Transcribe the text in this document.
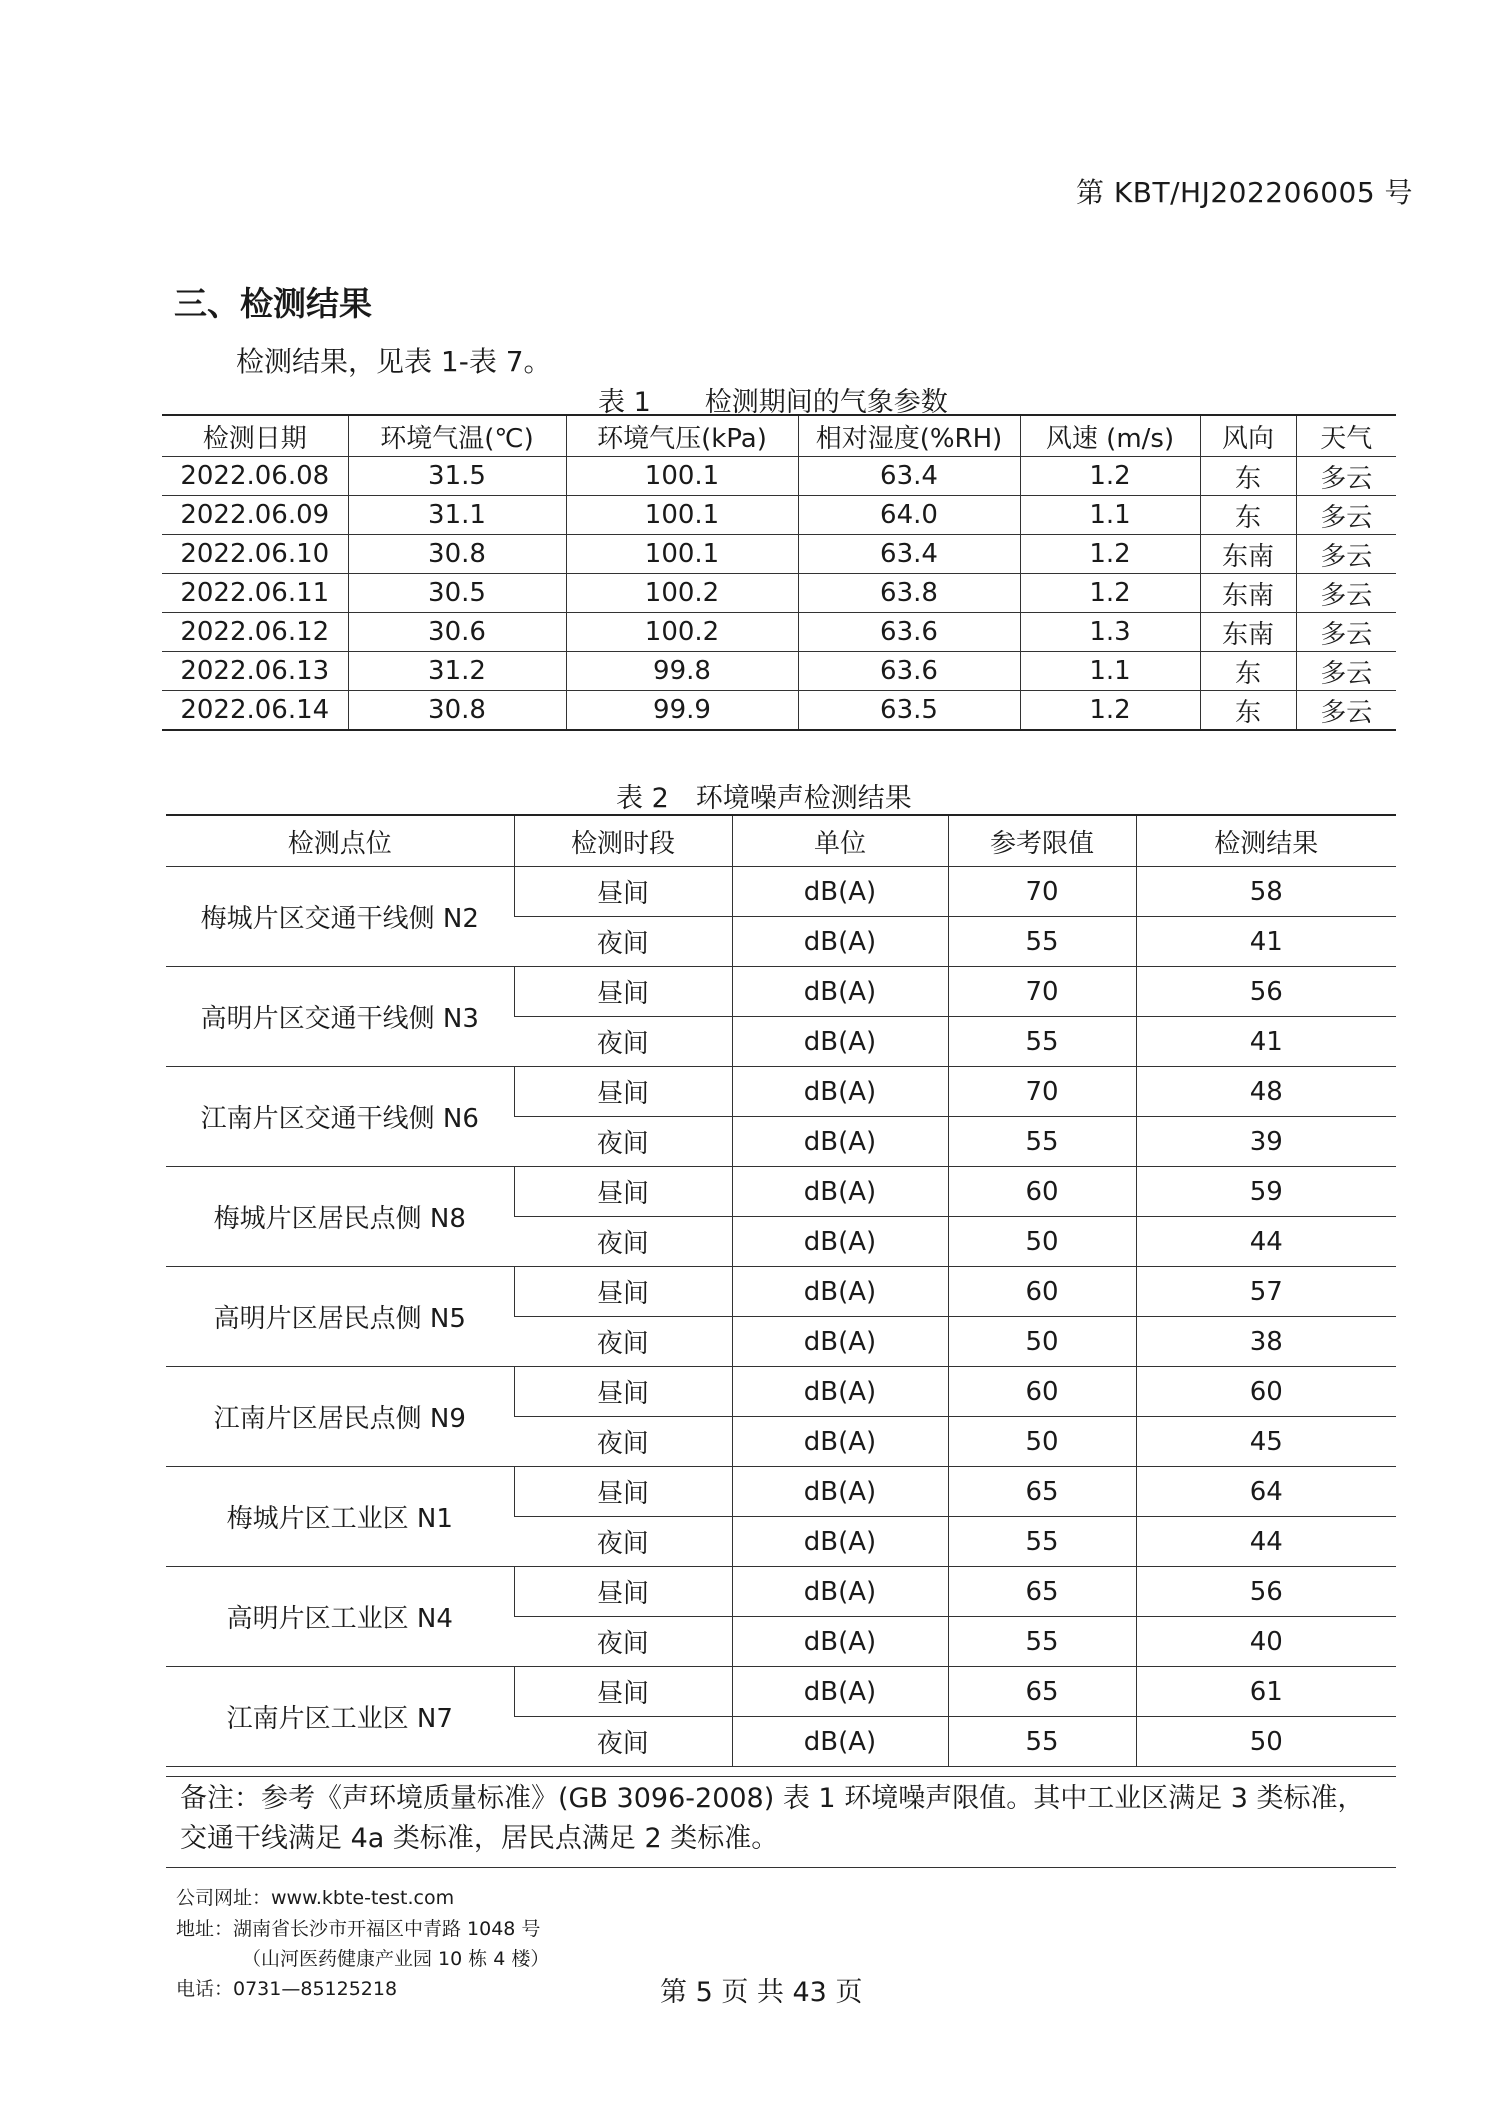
第 KBT/HJ202206005 号
三、检测结果
检测结果，见表 1-表 7。
表 1　　检测期间的气象参数
检测日期	环境气温(℃)	环境气压(kPa)	相对湿度(%RH)	风速 (m/s)	风向	天气
2022.06.08	31.5	100.1	63.4	1.2	东	多云
2022.06.09	31.1	100.1	64.0	1.1	东	多云
2022.06.10	30.8	100.1	63.4	1.2	东南	多云
2022.06.11	30.5	100.2	63.8	1.2	东南	多云
2022.06.12	30.6	100.2	63.6	1.3	东南	多云
2022.06.13	31.2	99.8	63.6	1.1	东	多云
2022.06.14	30.8	99.9	63.5	1.2	东	多云
表 2　环境噪声检测结果
检测点位	检测时段	单位	参考限值	检测结果
梅城片区交通干线侧 N2	昼间	dB(A)	70	58
	夜间	dB(A)	55	41
高明片区交通干线侧 N3	昼间	dB(A)	70	56
	夜间	dB(A)	55	41
江南片区交通干线侧 N6	昼间	dB(A)	70	48
	夜间	dB(A)	55	39
梅城片区居民点侧 N8	昼间	dB(A)	60	59
	夜间	dB(A)	50	44
高明片区居民点侧 N5	昼间	dB(A)	60	57
	夜间	dB(A)	50	38
江南片区居民点侧 N9	昼间	dB(A)	60	60
	夜间	dB(A)	50	45
梅城片区工业区 N1	昼间	dB(A)	65	64
	夜间	dB(A)	55	44
高明片区工业区 N4	昼间	dB(A)	65	56
	夜间	dB(A)	55	40
江南片区工业区 N7	昼间	dB(A)	65	61
	夜间	dB(A)	55	50
备注：参考《声环境质量标准》(GB 3096-2008) 表 1 环境噪声限值。其中工业区满足 3 类标准，交通干线满足 4a 类标准，居民点满足 2 类标准。
公司网址：www.kbte-test.com
地址：湖南省长沙市开福区中青路 1048 号
（山河医药健康产业园 10 栋 4 楼）
电话：0731—85125218	第 5 页 共 43 页
